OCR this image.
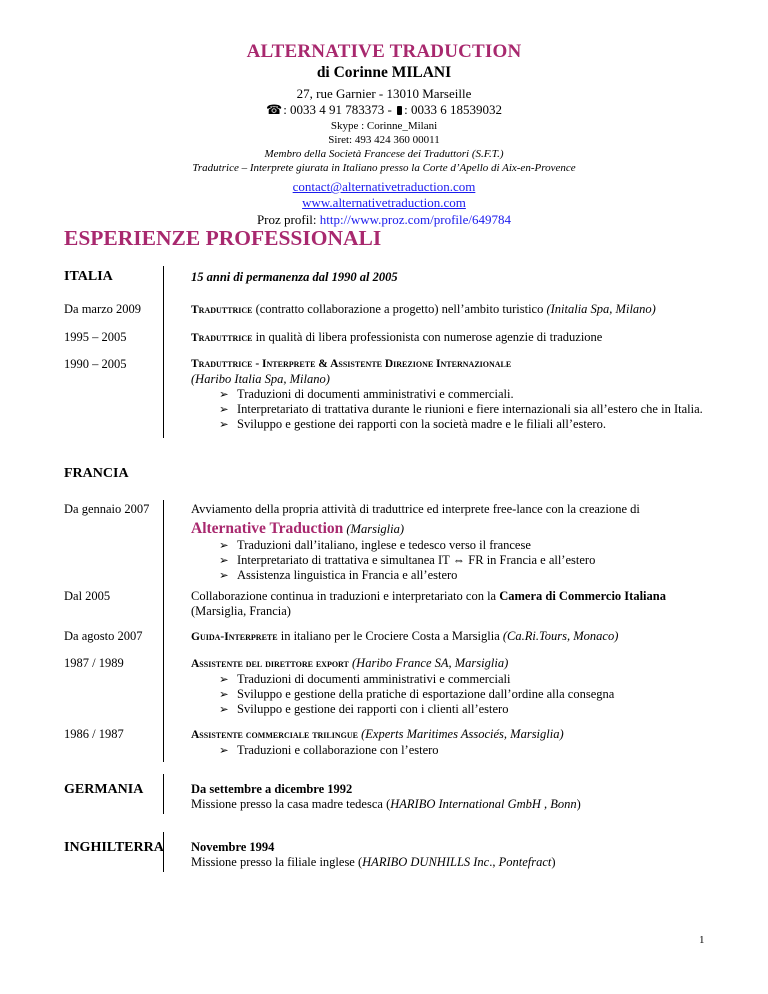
ALTERNATIVE TRADUCTION
di Corinne MILANI
27, rue Garnier - 13010 Marseille
☎: 0033 4 91 783373 - : 0033 6 18539032
Skype : Corinne_Milani
Siret: 493 424 360 00011
Membro della Società Francese dei Traduttori (S.F.T.)
Tradutrice – Interprete giurata in Italiano presso la Corte d’Apello di Aix-en-Provence
contact@alternativetraduction.com
www.alternativetraduction.com
Proz profil: http://www.proz.com/profile/649784
ESPERIENZE PROFESSIONALI
ITALIA	15 anni di permanenza dal 1990 al 2005
Da marzo 2009	Traduttrice (contratto collaborazione a progetto) nell’ambito turistico (Initalia Spa, Milano)
1995 – 2005	Traduttrice in qualità di libera professionista con numerose agenzie di traduzione
1990 – 2005	Traduttrice - Interprete & Assistente Direzione Internazionale
(Haribo Italia Spa, Milano)
➢ Traduzioni di documenti amministrativi e commerciali.
➢ Interpretariato di trattativa durante le riunioni e fiere internazionali sia all’estero che in Italia.
➢ Sviluppo e gestione dei rapporti con la società madre e le filiali all’estero.
FRANCIA
Da gennaio 2007	Avviamento della propria attività di traduttrice ed interprete free-lance con la creazione di
Alternative Traduction (Marsiglia)
➢ Traduzioni dall’italiano, inglese e tedesco verso il francese
➢ Interpretariato di trattativa e simultanea IT ⇔ FR in Francia e all’estero
➢ Assistenza linguistica in Francia e all’estero
Dal 2005	Collaborazione continua in traduzioni e interpretariato con la Camera di Commercio Italiana
(Marsiglia, Francia)
Da agosto 2007	Guida-Interprete in italiano per le Crociere Costa a Marsiglia (Ca.Ri.Tours, Monaco)
1987 / 1989	Assistente del direttore export (Haribo France SA, Marsiglia)
➢ Traduzioni di documenti amministrativi e commerciali
➢ Sviluppo e gestione della pratiche di esportazione dall’ordine alla consegna
➢ Sviluppo e gestione dei rapporti con i clienti all’estero
1986 / 1987	Assistente commerciale trilingue (Experts Maritimes Associés, Marsiglia)
➢ Traduzioni e collaborazione con l’estero
GERMANIA	Da settembre a dicembre 1992
Missione presso la casa madre tedesca (HARIBO International GmbH , Bonn)
INGHILTERRA Novembre 1994
Missione presso la filiale inglese (HARIBO DUNHILLS Inc., Pontefract)
1
